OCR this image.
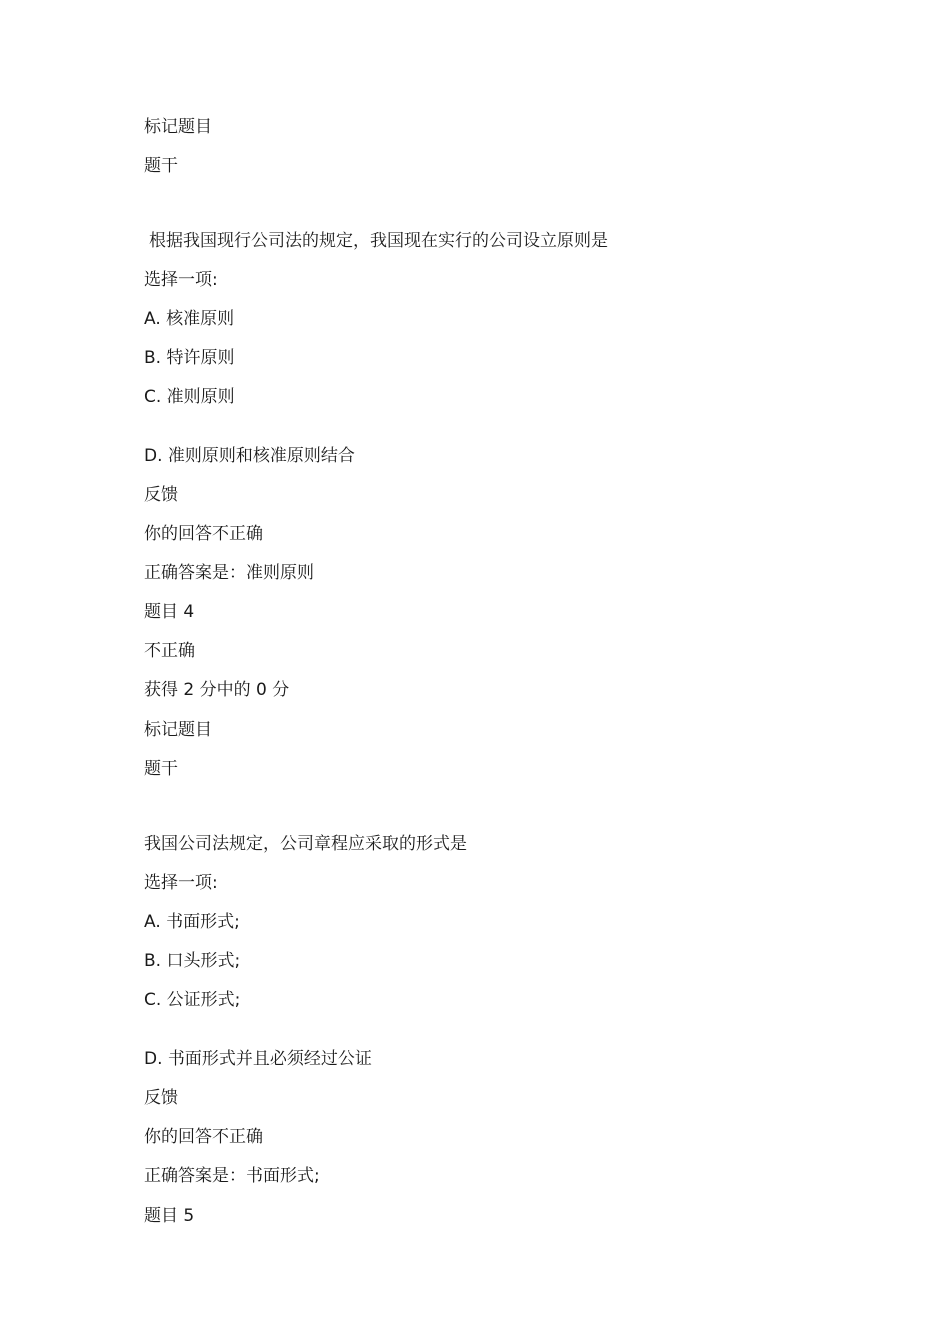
标记题目
题干
根据我国现行公司法的规定，我国现在实行的公司设立原则是
选择一项:
A. 核准原则
B. 特许原则
C. 准则原则
D. 准则原则和核准原则结合
反馈
你的回答不正确
正确答案是：准则原则
题目 4
不正确
获得 2 分中的 0 分
标记题目
题干
我国公司法规定，公司章程应采取的形式是
选择一项:
A. 书面形式;
B. 口头形式;
C. 公证形式;
D. 书面形式并且必须经过公证
反馈
你的回答不正确
正确答案是：书面形式;
题目 5
